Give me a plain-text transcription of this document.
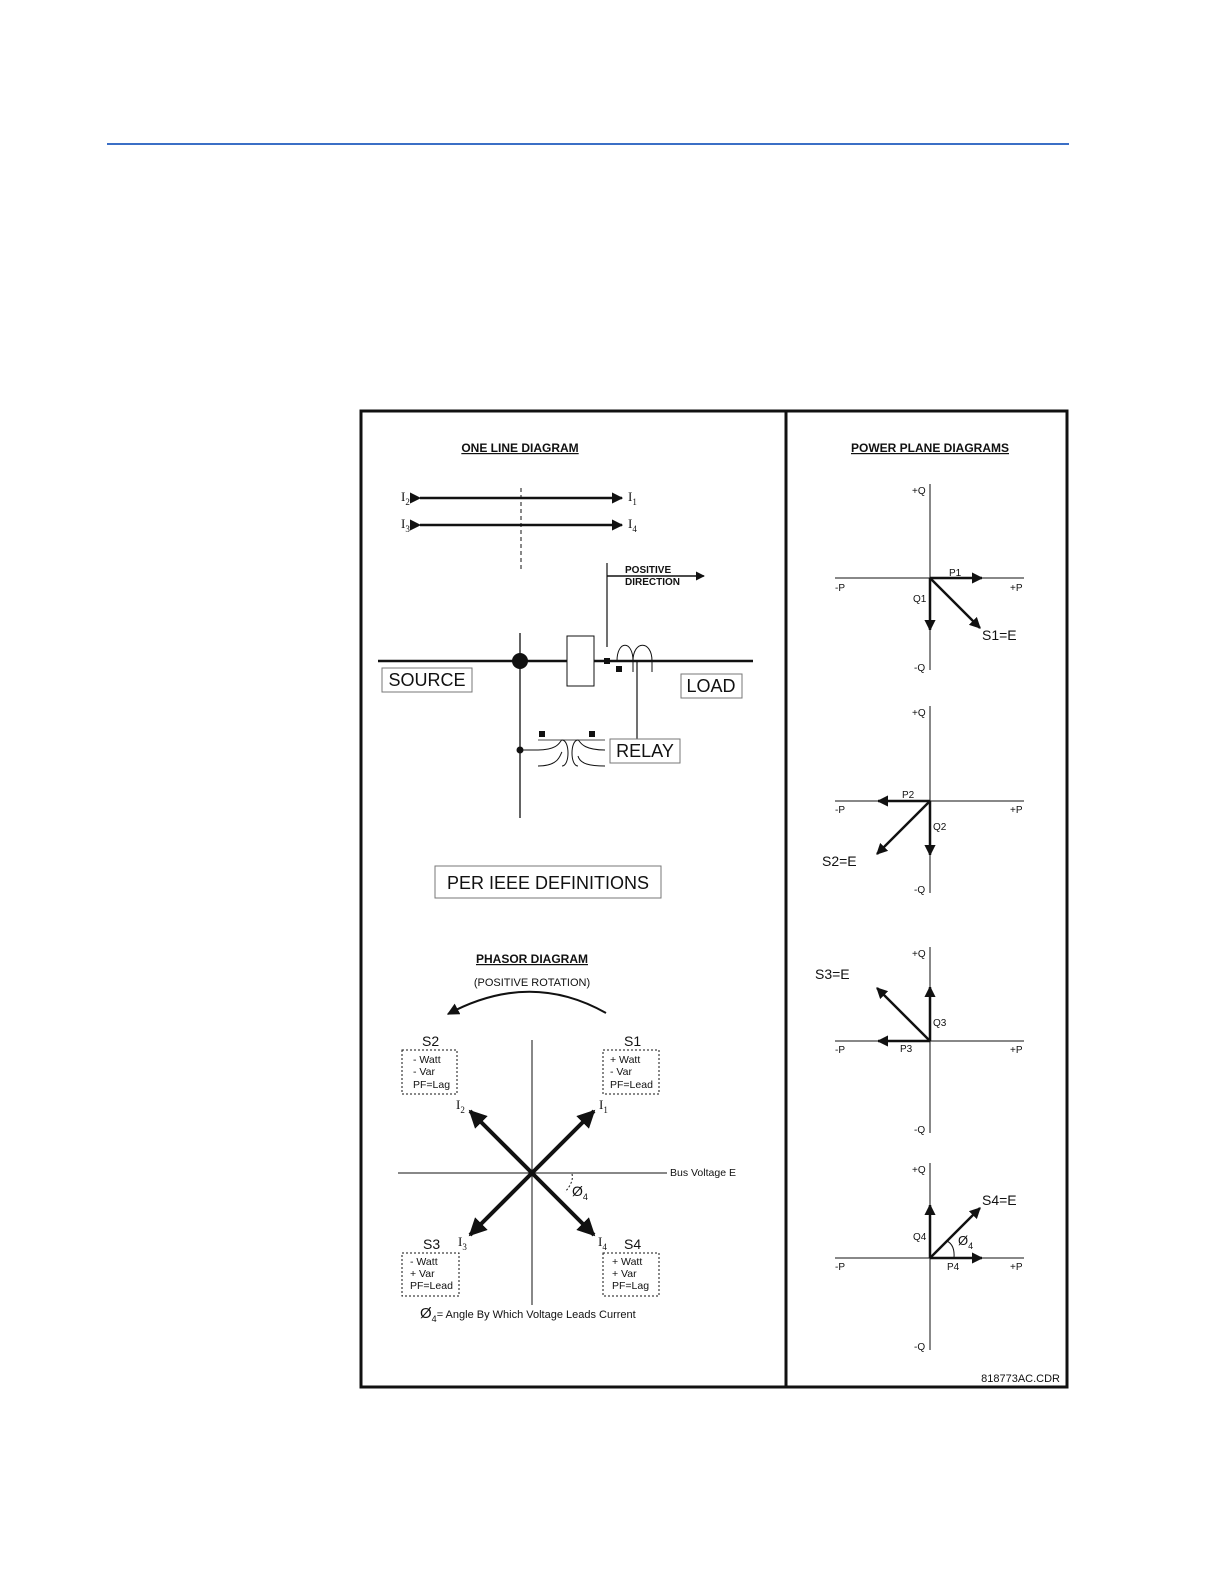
ONE LINE DIAGRAM
$I_2$
$I_3$
$I_1$
$I_4$
POSITIVE
DIRECTION
SOURCE	LOAD
RELAY
PER IEEE DEFINITIONS
PHASOR DIAGRAM
(POSITIVE ROTATION)
Bus Voltage E
$Ø_4$
$I_1$
$I_2$
$I_3$	$I_4$
S2
- Watt
- Var
PF=Lag
S1
+ Watt
- Var
PF=Lead
S3
- Watt
+ Var
PF=Lead
S4
+ Watt
+ Var
PF=Lag
$Ø_4=$ Angle By Which Voltage Leads Current
POWER PLANE DIAGRAMS
+Q
-Q
-P	+P
P1
Q1
S1=E
+Q
-Q
-P	+P
P2
Q2
S2=E
+Q
-Q
-P	+P
P3
Q3
S3=E
+Q
-Q
-P	+P
P4
Q4 $Ø_4$
S4=E
818773AC.CDR
